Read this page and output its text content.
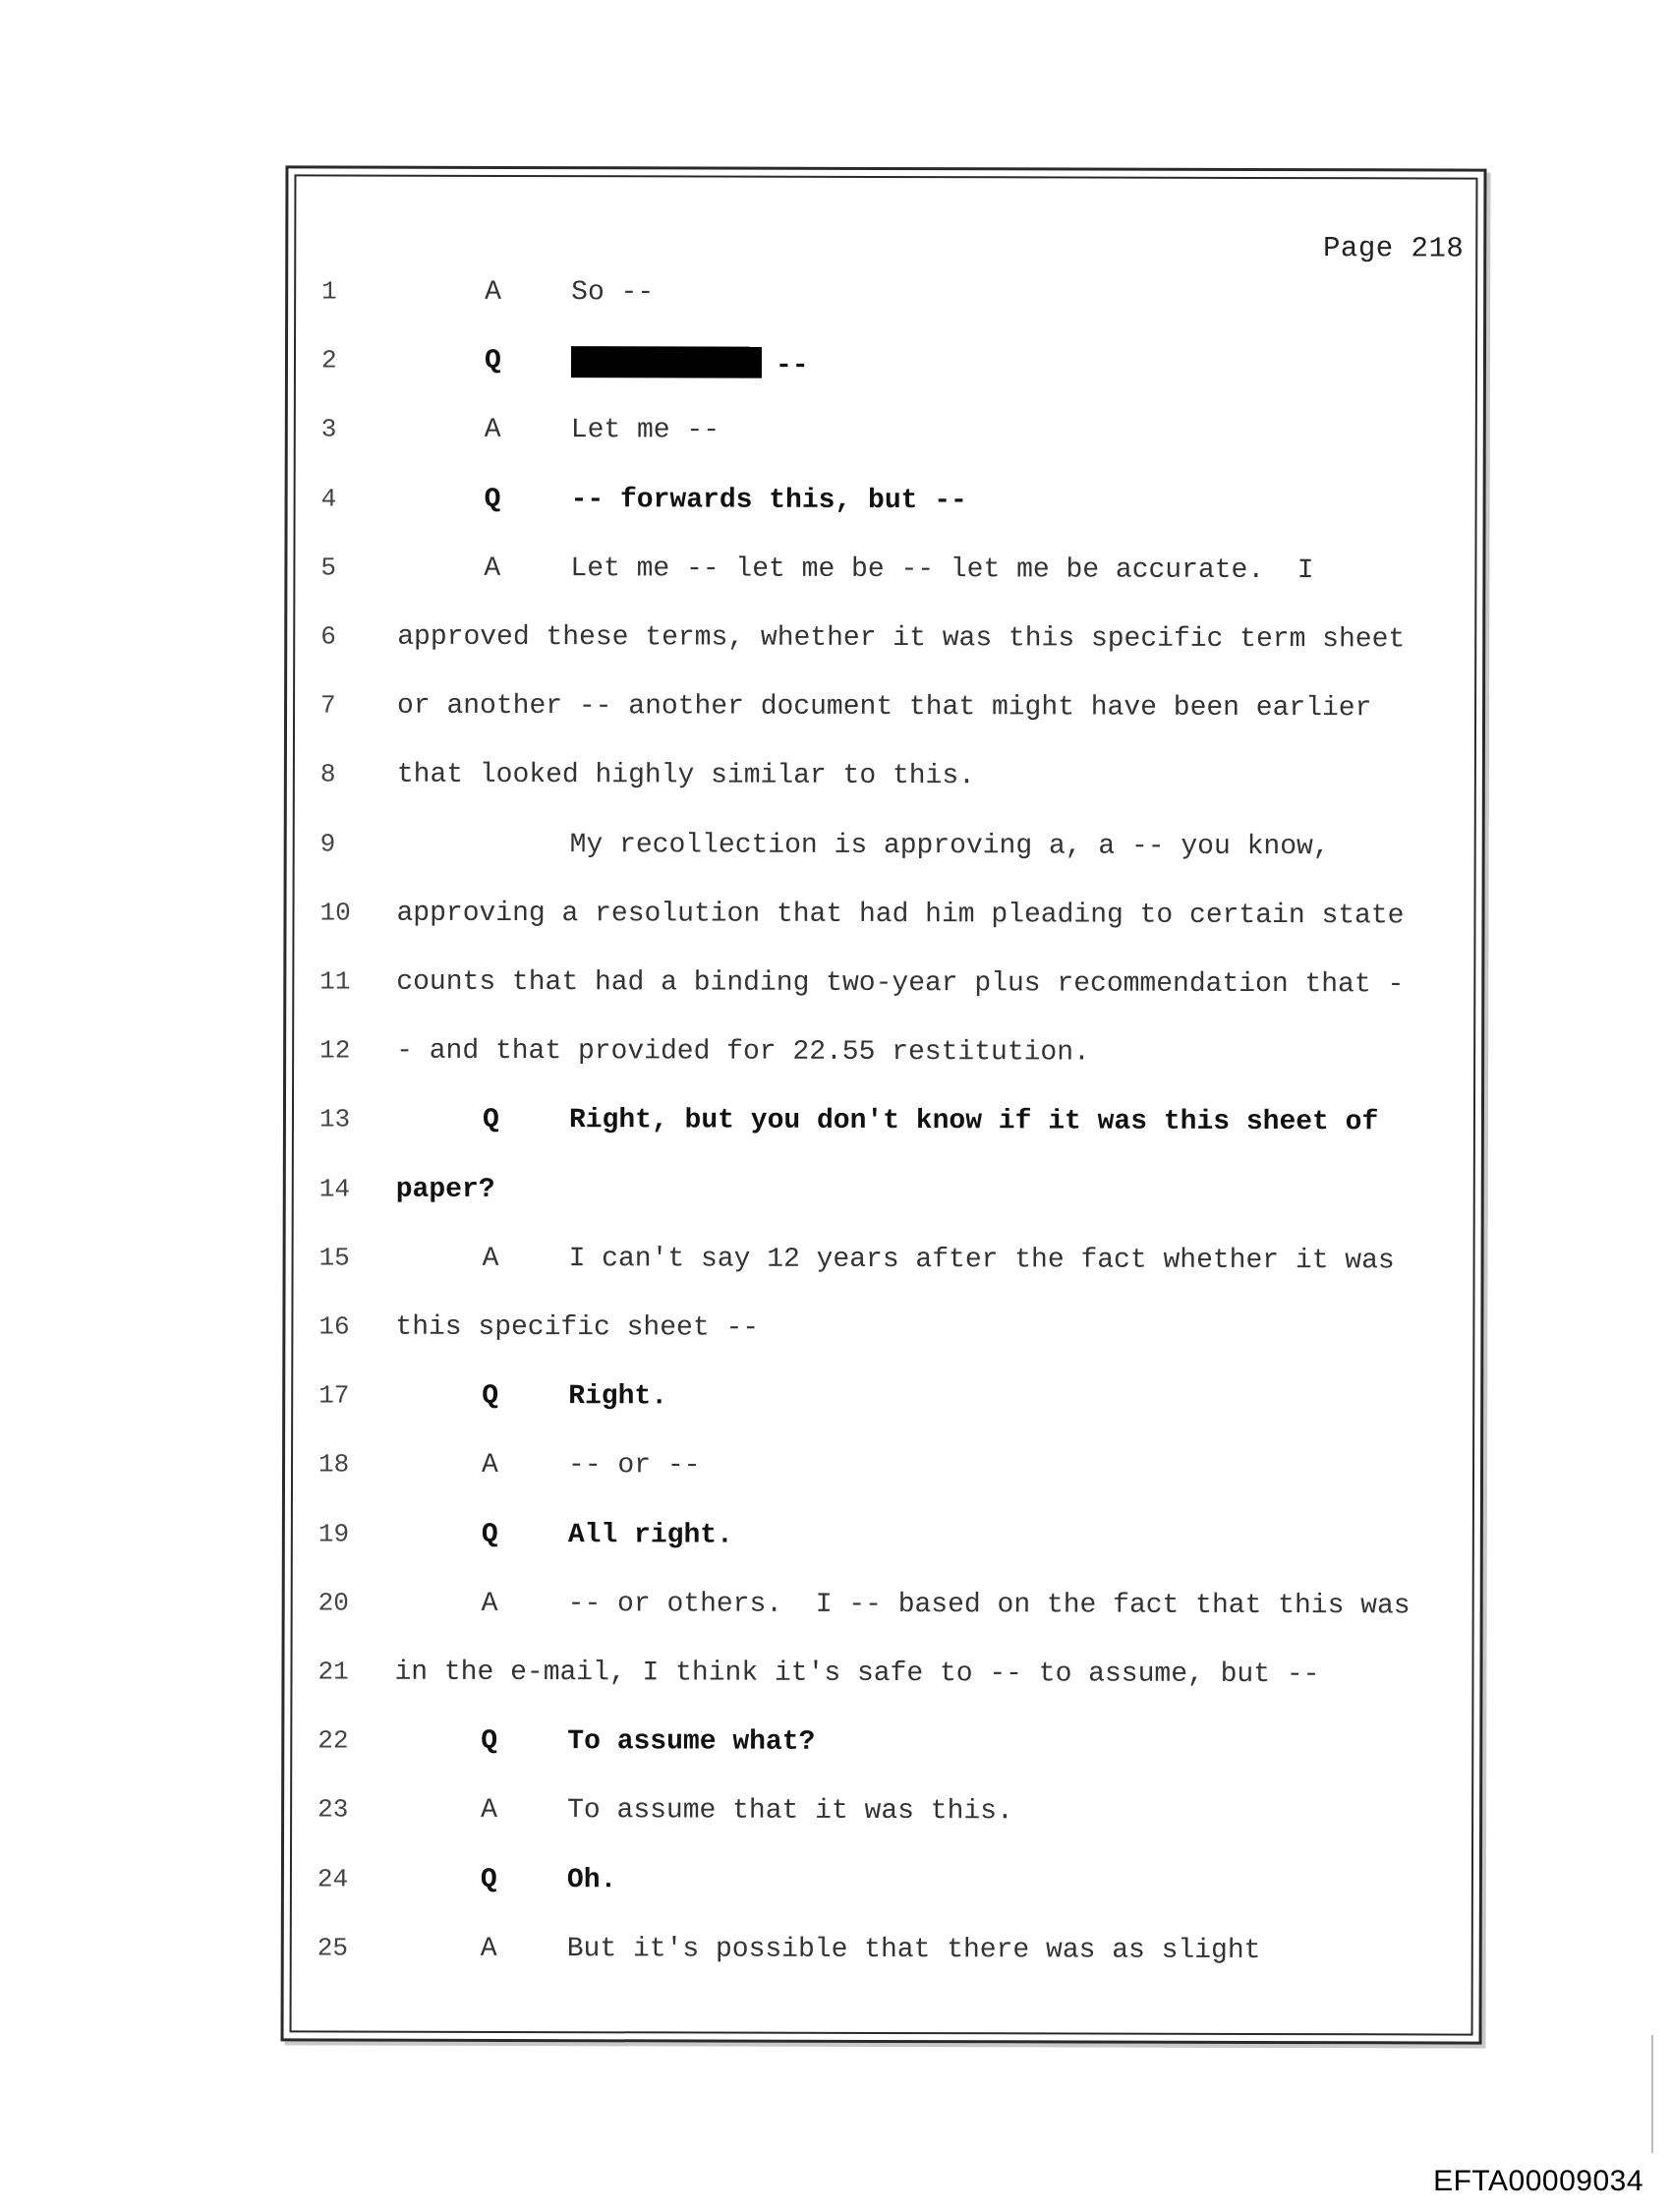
Page 218
1	A	So --
2	Q	--
3	A	Let me --
4	Q	-- forwards this, but --
5	A	Let me -- let me be -- let me be accurate.  I
6	approved these terms, whether it was this specific term sheet
7	or another -- another document that might have been earlier
8	that looked highly similar to this.
9	My recollection is approving a, a -- you know,
10	approving a resolution that had him pleading to certain state
11	counts that had a binding two-year plus recommendation that -
12	- and that provided for 22.55 restitution.
13	Q	Right, but you don't know if it was this sheet of
14	paper?
15	A	I can't say 12 years after the fact whether it was
16	this specific sheet --
17	Q	Right.
18	A	-- or --
19	Q	All right.
20	A	-- or others.  I -- based on the fact that this was
21	in the e-mail, I think it's safe to -- to assume, but --
22	Q	To assume what?
23	A	To assume that it was this.
24	Q	Oh.
25	A	But it's possible that there was as slight
EFTA00009034
